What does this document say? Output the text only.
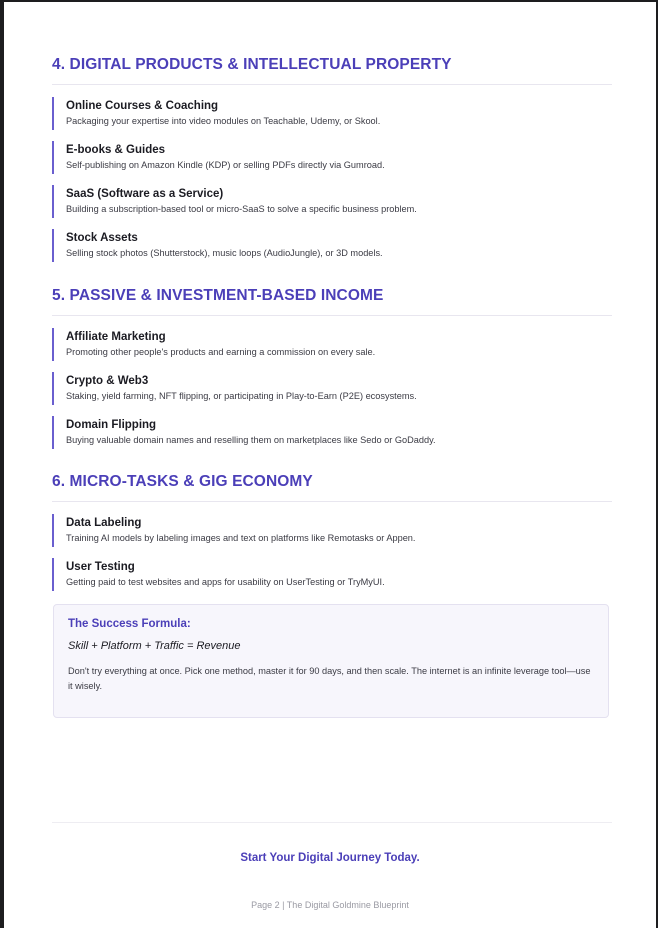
4. DIGITAL PRODUCTS & INTELLECTUAL PROPERTY
Online Courses & Coaching
Packaging your expertise into video modules on Teachable, Udemy, or Skool.
E-books & Guides
Self-publishing on Amazon Kindle (KDP) or selling PDFs directly via Gumroad.
SaaS (Software as a Service)
Building a subscription-based tool or micro-SaaS to solve a specific business problem.
Stock Assets
Selling stock photos (Shutterstock), music loops (AudioJungle), or 3D models.
5. PASSIVE & INVESTMENT-BASED INCOME
Affiliate Marketing
Promoting other people's products and earning a commission on every sale.
Crypto & Web3
Staking, yield farming, NFT flipping, or participating in Play-to-Earn (P2E) ecosystems.
Domain Flipping
Buying valuable domain names and reselling them on marketplaces like Sedo or GoDaddy.
6. MICRO-TASKS & GIG ECONOMY
Data Labeling
Training AI models by labeling images and text on platforms like Remotasks or Appen.
User Testing
Getting paid to test websites and apps for usability on UserTesting or TryMyUI.
The Success Formula:
Skill + Platform + Traffic = Revenue
Don't try everything at once. Pick one method, master it for 90 days, and then scale. The internet is an infinite leverage tool—use it wisely.
Start Your Digital Journey Today.
Page 2 | The Digital Goldmine Blueprint
